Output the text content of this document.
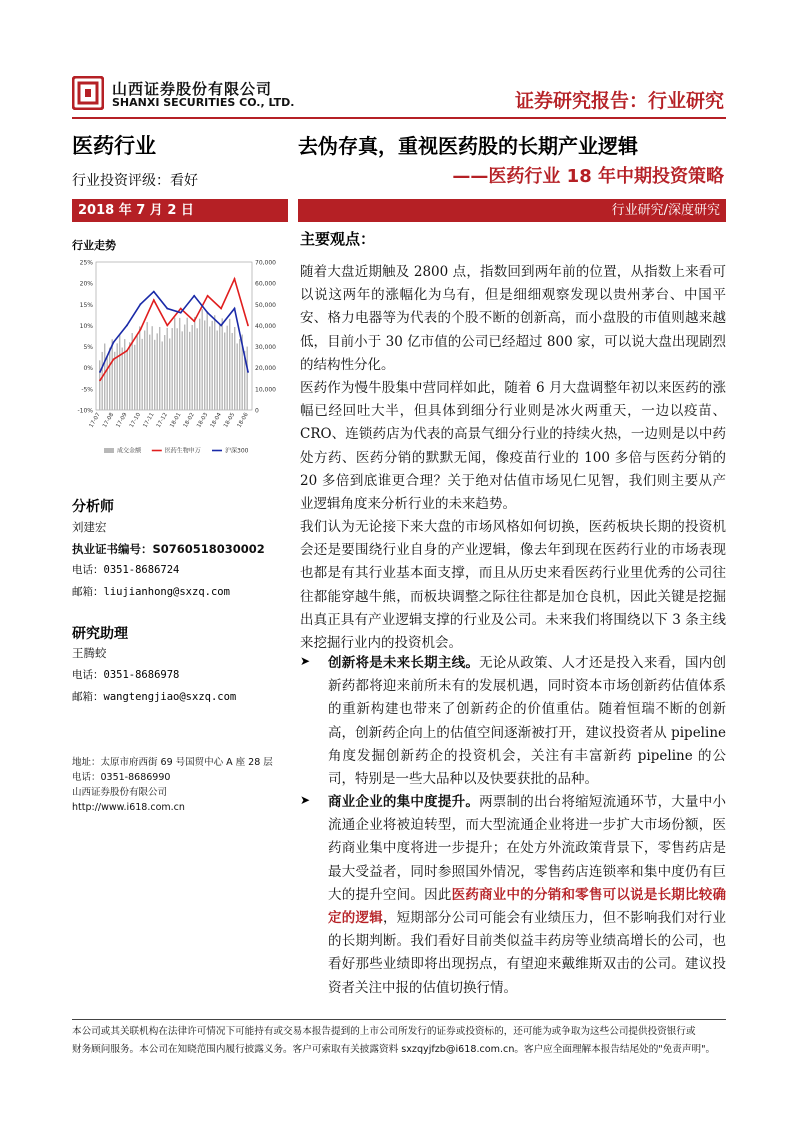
山西证券股份有限公司
SHANXI SECURITIES CO., LTD.	证券研究报告：行业研究
医药行业
行业投资评级：看好
去伪存真，重视医药股的长期产业逻辑
——医药行业 18 年中期投资策略
2018 年 7 月 2 日	行业研究/深度研究
行业走势
25%
20%
15%
10%
5%
0%
-5%
-10%
70,000
60,000
50,000
40,000
30,000
20,000
10,000
0
17-07 17-08 17-09 17-10 17-11 17-12 18-01 18-02 18-03 18-04 18-05 18-06
成交金额	医药生物申万	沪深300
分析师
刘建宏
执业证书编号：S0760518030002
电话：0351-8686724
邮箱：liujianhong@sxzq.com
研究助理
王腾蛟
电话：0351-8686978
邮箱：wangtengjiao@sxzq.com
地址：太原市府西街 69 号国贸中心 A 座 28 层
电话：0351-8686990
山西证券股份有限公司
http://www.i618.com.cn
主要观点：
随着大盘近期触及 2800 点，指数回到两年前的位置，从指数上来看可以说这两年的涨幅化为乌有，但是细细观察发现以贵州茅台、中国平安、格力电器等为代表的个股不断的创新高，而小盘股的市值则越来越低，目前小于 30 亿市值的公司已经超过 800 家，可以说大盘出现剧烈的结构性分化。
医药作为慢牛股集中营同样如此，随着 6 月大盘调整年初以来医药的涨幅已经回吐大半，但具体到细分行业则是冰火两重天，一边以疫苗、CRO、连锁药店为代表的高景气细分行业的持续火热，一边则是以中药处方药、医药分销的默默无闻，像疫苗行业的 100 多倍与医药分销的 20 多倍到底谁更合理？关于绝对估值市场见仁见智，我们则主要从产业逻辑角度来分析行业的未来趋势。
我们认为无论接下来大盘的市场风格如何切换，医药板块长期的投资机会还是要围绕行业自身的产业逻辑，像去年到现在医药行业的市场表现也都是有其行业基本面支撑，而且从历史来看医药行业里优秀的公司往往都能穿越牛熊，而板块调整之际往往都是加仓良机，因此关键是挖掘出真正具有产业逻辑支撑的行业及公司。未来我们将围绕以下 3 条主线来挖掘行业内的投资机会。
➤ 创新将是未来长期主线。无论从政策、人才还是投入来看，国内创新药都将迎来前所未有的发展机遇，同时资本市场创新药估值体系的重新构建也带来了创新药企的价值重估。随着恒瑞不断的创新高，创新药企向上的估值空间逐渐被打开，建议投资者从 pipeline 角度发掘创新药企的投资机会，关注有丰富新药 pipeline 的公司，特别是一些大品种以及快要获批的品种。
➤ 商业企业的集中度提升。两票制的出台将缩短流通环节，大量中小流通企业将被迫转型，而大型流通企业将进一步扩大市场份额，医药商业集中度将进一步提升；在处方外流政策背景下，零售药店是最大受益者，同时参照国外情况，零售药店连锁率和集中度仍有巨大的提升空间。因此医药商业中的分销和零售可以说是长期比较确定的逻辑，短期部分公司可能会有业绩压力，但不影响我们对行业的长期判断。我们看好目前类似益丰药房等业绩高增长的公司，也看好那些业绩即将出现拐点，有望迎来戴维斯双击的公司。建议投资者关注中报的估值切换行情。
本公司或其关联机构在法律许可情况下可能持有或交易本报告提到的上市公司所发行的证券或投资标的，还可能为或争取为这些公司提供投资银行或
财务顾问服务。本公司在知晓范围内履行披露义务。客户可索取有关披露资料 sxzqyjfzb@i618.com.cn。客户应全面理解本报告结尾处的"免责声明"。
